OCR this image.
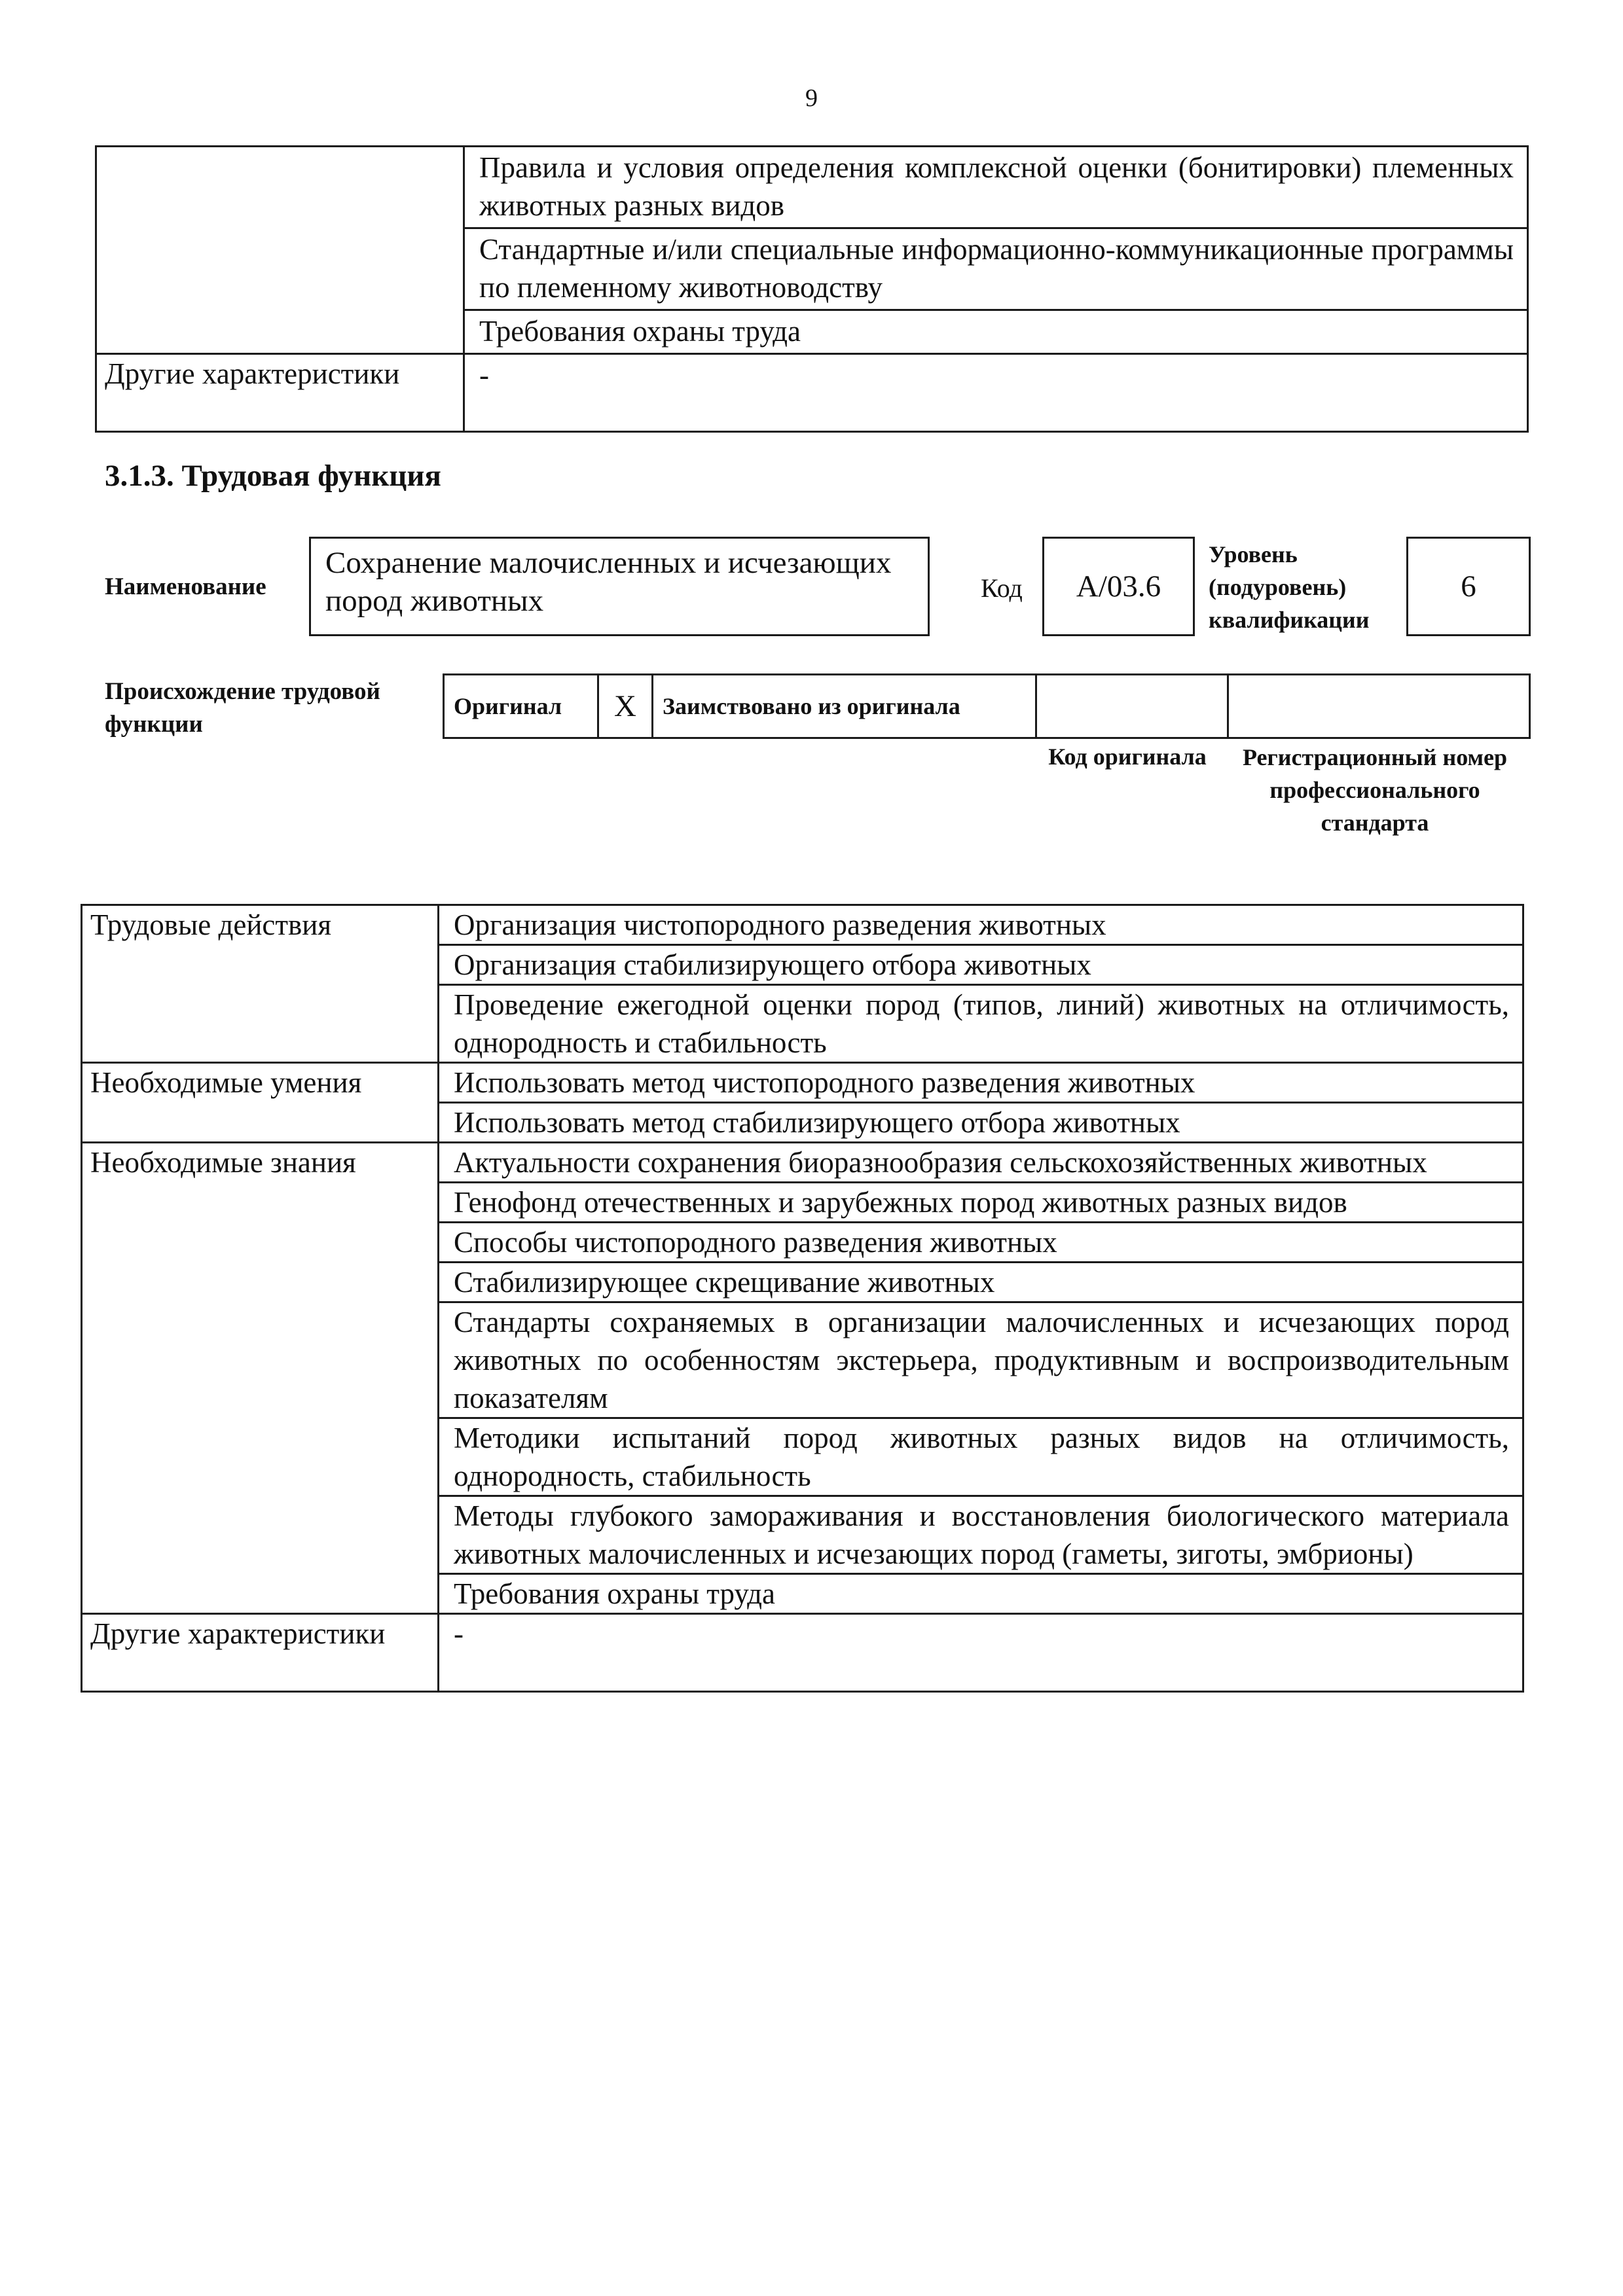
9
	Правила и условия определения комплексной оценки (бонитировки) племенных животных разных видов
	Стандартные и/или специальные информационно-коммуникационные программы по племенному животноводству
	Требования охраны труда
Другие характеристики	-
3.1.3. Трудовая функция
Наименование
Сохранение малочисленных и исчезающих пород животных	Код	А/03.6
Уровень (подуровень) квалификации
6
Происхождение трудовой функции
Оригинал	X	Заимствовано из оригинала		
Код оригинала	Регистрационный номер профессионального стандарта
Трудовые действия	Организация чистопородного разведения животных
	Организация стабилизирующего отбора животных
	Проведение ежегодной оценки пород (типов, линий) животных на отличимость, однородность и стабильность
Необходимые умения	Использовать метод чистопородного разведения животных
	Использовать метод стабилизирующего отбора животных
Необходимые знания	Актуальности сохранения биоразнообразия сельскохозяйственных животных
	Генофонд отечественных и зарубежных пород животных разных видов
	Способы чистопородного разведения животных
	Стабилизирующее скрещивание животных
	Стандарты сохраняемых в организации малочисленных и исчезающих пород животных по особенностям экстерьера, продуктивным и воспроизводительным показателям
	Методики испытаний пород животных разных видов на отличимость, однородность, стабильность
	Методы глубокого замораживания и восстановления биологического материала животных малочисленных и исчезающих пород (гаметы, зиготы, эмбрионы)
	Требования охраны труда
Другие характеристики	-
